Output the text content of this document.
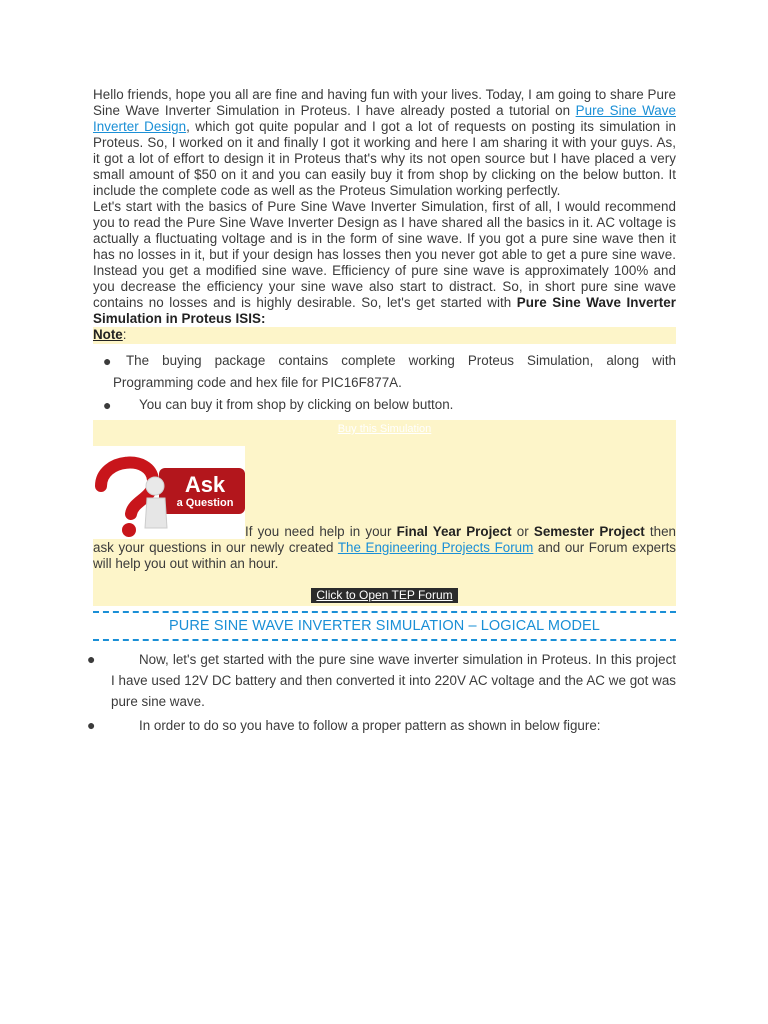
Hello friends, hope you all are fine and having fun with your lives. Today, I am going to share Pure Sine Wave Inverter Simulation in Proteus. I have already posted a tutorial on Pure Sine Wave Inverter Design, which got quite popular and I got a lot of requests on posting its simulation in Proteus. So, I worked on it and finally I got it working and here I am sharing it with your guys. As, it got a lot of effort to design it in Proteus that's why its not open source but I have placed a very small amount of $50 on it and you can easily buy it from shop by clicking on the below button. It include the complete code as well as the Proteus Simulation working perfectly.

Let's start with the basics of Pure Sine Wave Inverter Simulation, first of all, I would recommend you to read the Pure Sine Wave Inverter Design as I have shared all the basics in it. AC voltage is actually a fluctuating voltage and is in the form of sine wave. If you got a pure sine wave then it has no losses in it, but if your design has losses then you never got able to get a pure sine wave. Instead you get a modified sine wave. Efficiency of pure sine wave is approximately 100% and you decrease the efficiency your sine wave also start to distract. So, in short pure sine wave contains no losses and is highly desirable. So, let's get started with Pure Sine Wave Inverter Simulation in Proteus ISIS:

Note:
●	The buying package contains complete working Proteus Simulation, along with Programming code and hex file for PIC16F877A.
● You can buy it from shop by clicking on below button.
Buy this Simulation
Ask
a Question
If you need help in your Final Year Project or Semester Project then ask your questions in our newly created The Engineering Projects Forum and our Forum experts will help you out within an hour.
Click to Open TEP Forum
PURE SINE WAVE INVERTER SIMULATION – LOGICAL MODEL
●	Now, let's get started with the pure sine wave inverter simulation in Proteus. In this project I have used 12V DC battery and then converted it into 220V AC voltage and the AC we got was pure sine wave.
●	In order to do so you have to follow a proper pattern as shown in below figure:
